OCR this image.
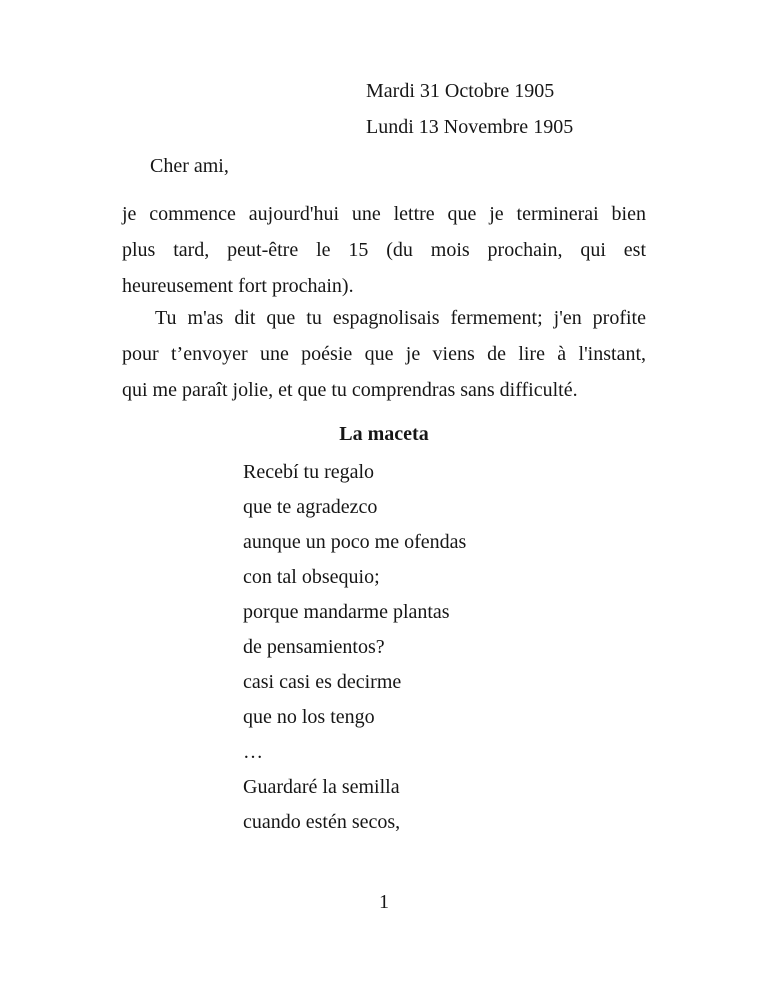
Mardi 31 Octobre 1905
Lundi 13 Novembre 1905
Cher ami,
je commence aujourd'hui une lettre que je terminerai bien
plus tard, peut-être le 15 (du mois prochain, qui est
heureusement fort prochain).
Tu m'as dit que tu espagnolisais fermement; j'en profite
pour t’envoyer une poésie que je viens de lire à l'instant,
qui me paraît jolie, et que tu comprendras sans difficulté.
La maceta
Recebí tu regalo
que te agradezco
aunque un poco me ofendas
con tal obsequio;
porque mandarme plantas
de pensamientos?
casi casi es decirme
que no los tengo
…
Guardaré la semilla
cuando estén secos,
1
